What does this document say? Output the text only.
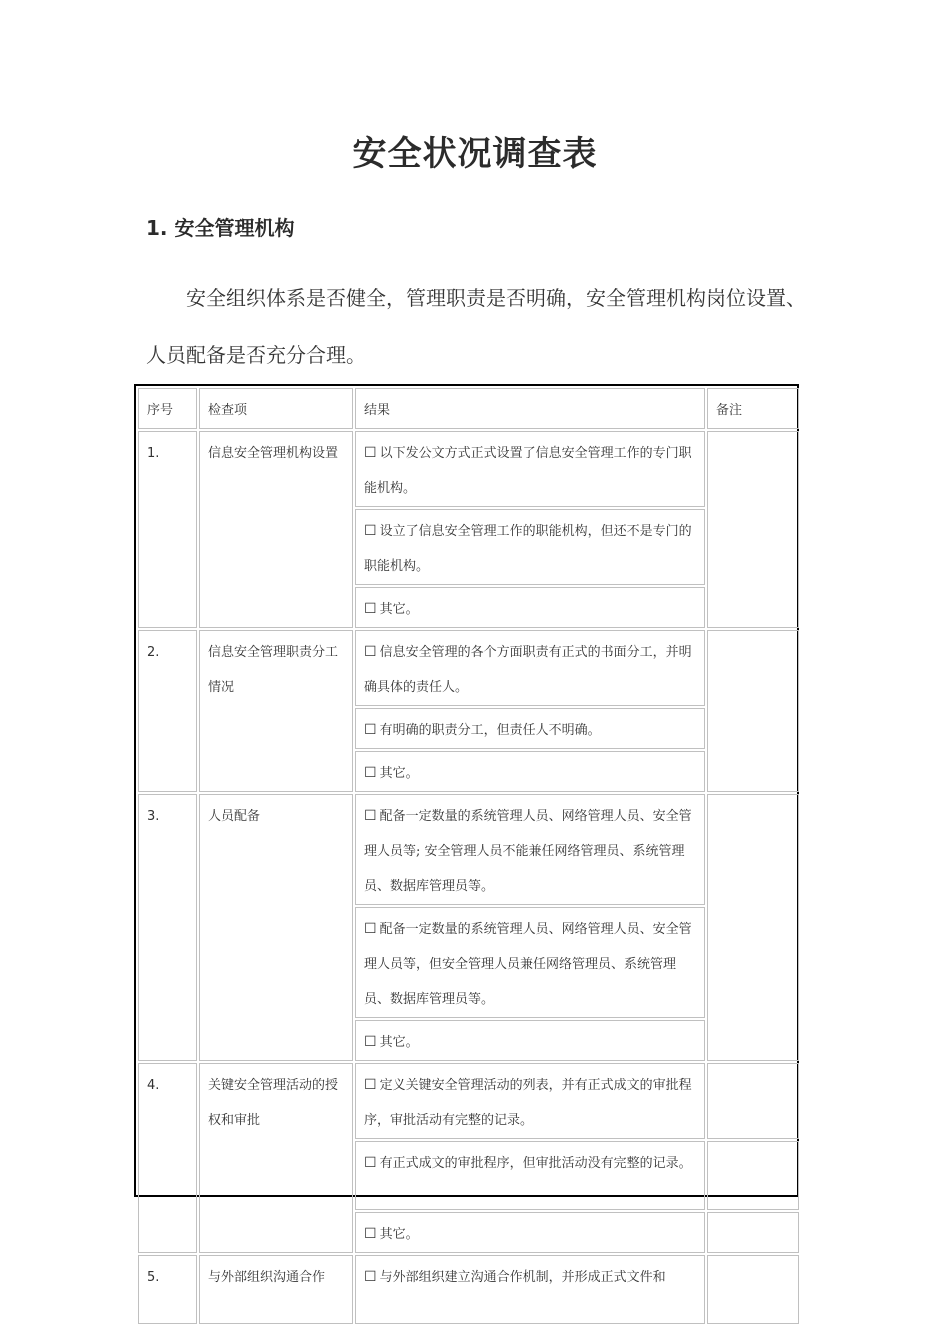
安全状况调查表
1. 安全管理机构

安全组织体系是否健全，管理职责是否明确，安全管理机构岗位设置、人员配备是否充分合理。

序号	检查项	结果	备注
1.	信息安全管理机构设置	☐ 以下发公文方式正式设置了信息安全管理工作的专门职能机构。	
		☐ 设立了信息安全管理工作的职能机构，但还不是专门的职能机构。	
		☐ 其它。	
2.	信息安全管理职责分工情况	☐ 信息安全管理的各个方面职责有正式的书面分工，并明确具体的责任人。	
		☐ 有明确的职责分工，但责任人不明确。	
		☐ 其它。	
3.	人员配备	☐ 配备一定数量的系统管理人员、网络管理人员、安全管理人员等; 安全管理人员不能兼任网络管理员、系统管理员、数据库管理员等。	
		☐ 配备一定数量的系统管理人员、网络管理人员、安全管理人员等，但安全管理人员兼任网络管理员、系统管理员、数据库管理员等。	
		☐ 其它。	
4.	关键安全管理活动的授权和审批	☐ 定义关键安全管理活动的列表，并有正式成文的审批程序，审批活动有完整的记录。	
		☐ 有正式成文的审批程序，但审批活动没有完整的记录。	
		☐ 其它。	
5.	与外部组织沟通合作	☐ 与外部组织建立沟通合作机制，并形成正式文件和	
